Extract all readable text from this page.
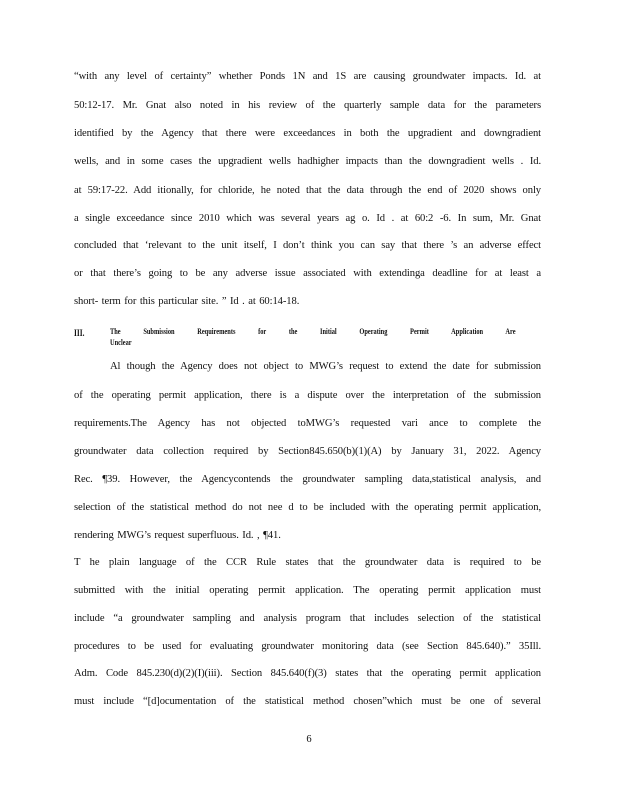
“with any level of certainty” whether Ponds 1N and 1S are causing groundwater impacts. Id. at
50:12-17. Mr. Gnat also noted in his review of the quarterly sample data for the parameters
identified by the Agency that there were exceedances in both the upgradient and downgradient
wells, and in some cases the upgradient wells hadhigher impacts than the downgradient wells . Id.
at 59:17-22. Add itionally, for chloride, he noted that the data through the end of 2020 shows only
a single exceedance since 2010 which was several years ag o. Id . at 60:2 -6. In sum, Mr. Gnat
concluded that ‘relevant to the unit itself, I don’t think you can say that there ’s an adverse effect
or that there’s going to be any adverse issue associated with extendinga deadline for at least a
short- term for this particular site. ” Id . at 60:14-18.
III.	The Submission Requirements for the Initial Operating Permit Application Are
Unclear
Al though the Agency does not object to MWG’s request to extend the date for submission
of the operating permit application, there is a dispute over the interpretation of the submission
requirements.The Agency has not objected toMWG’s requested vari ance to complete the
groundwater data collection required by Section845.650(b)(1)(A) by January 31, 2022. Agency
Rec. ¶39. However, the Agencycontends the groundwater sampling data,statistical analysis, and
selection of the statistical method do not nee d to be included with the operating permit application,
rendering MWG’s request superfluous. Id. , ¶41.
T he plain language of the CCR Rule states that the groundwater data is required to be
submitted with the initial operating permit application. The operating permit application must
include “a groundwater sampling and analysis program that includes selection of the statistical
procedures to be used for evaluating groundwater monitoring data (see Section 845.640).” 35Ill.
Adm. Code 845.230(d)(2)(I)(iii). Section 845.640(f)(3) states that the operating permit application
must include “[d]ocumentation of the statistical method chosen”which must be one of several
6
